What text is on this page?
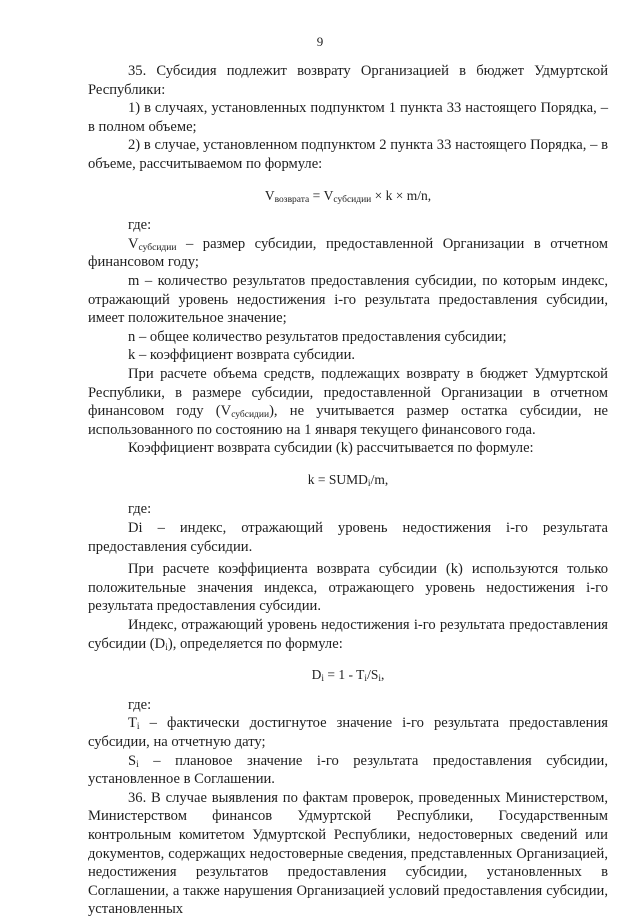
9

35. Субсидия подлежит возврату Организацией в бюджет Удмуртской Республики:

1) в случаях, установленных подпунктом 1 пункта 33 настоящего Порядка, – в полном объеме;

2) в случае, установленном подпунктом 2 пункта 33 настоящего Порядка, – в объеме, рассчитываемом по формуле:

$V_{возврата} = V_{субсидии} \times k \times m/n$,

где:

$V_{субсидии}$ – размер субсидии, предоставленной Организации в отчетном финансовом году;

m – количество результатов предоставления субсидии, по которым индекс, отражающий уровень недостижения i-го результата предоставления субсидии, имеет положительное значение;

n – общее количество результатов предоставления субсидии;

k – коэффициент возврата субсидии.

При расчете объема средств, подлежащих возврату в бюджет Удмуртской Республики, в размере субсидии, предоставленной Организации в отчетном финансовом году $(V_{субсидии})$, не учитывается размер остатка субсидии, не использованного по состоянию на 1 января текущего финансового года.

Коэффициент возврата субсидии (k) рассчитывается по формуле:

$k = SUMD_i/m$,

где:

Di – индекс, отражающий уровень недостижения i-го результата предоставления субсидии.

При расчете коэффициента возврата субсидии (k) используются только положительные значения индекса, отражающего уровень недостижения i-го результата предоставления субсидии.

Индекс, отражающий уровень недостижения i-го результата предоставления субсидии $(D_i)$, определяется по формуле:

$D_i = 1 - T_i/S_i$,

где:

$T_i$ – фактически достигнутое значение i-го результата предоставления субсидии, на отчетную дату;

$S_i$ – плановое значение i-го результата предоставления субсидии, установленное в Соглашении.

36. В случае выявления по фактам проверок, проведенных Министерством, Министерством финансов Удмуртской Республики, Государственным контрольным комитетом Удмуртской Республики, недостоверных сведений или документов, содержащих недостоверные сведения, представленных Организацией, недостижения результатов предоставления субсидии, установленных в Соглашении, а также нарушения Организацией условий предоставления субсидии, установленных
